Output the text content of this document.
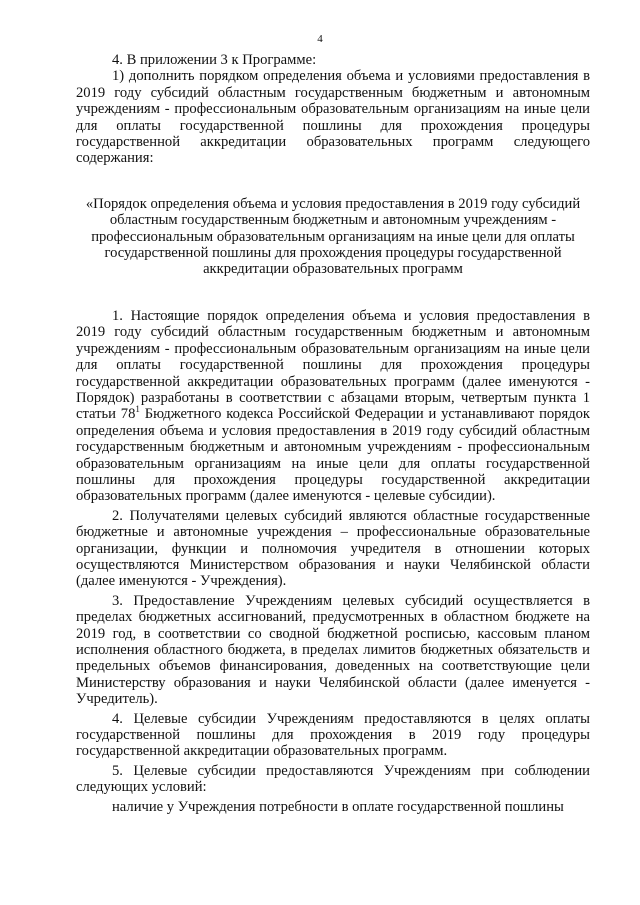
4

4. В приложении 3 к Программе:

1) дополнить порядком определения объема и условиями предоставления в 2019 году субсидий областным государственным бюджетным и автономным учреждениям - профессиональным образовательным организациям на иные цели для оплаты государственной пошлины для прохождения процедуры государственной аккредитации образовательных программ следующего содержания:

«Порядок определения объема и условия предоставления в 2019 году субсидий областным государственным бюджетным и автономным учреждениям - профессиональным образовательным организациям на иные цели для оплаты государственной пошлины для прохождения процедуры государственной аккредитации образовательных программ

1. Настоящие порядок определения объема и условия предоставления в 2019 году субсидий областным государственным бюджетным и автономным учреждениям - профессиональным образовательным организациям на иные цели для оплаты государственной пошлины для прохождения процедуры государственной аккредитации образовательных программ (далее именуются - Порядок) разработаны в соответствии с абзацами вторым, четвертым пункта 1 статьи $78^1$ Бюджетного кодекса Российской Федерации и устанавливают порядок определения объема и условия предоставления в 2019 году субсидий областным государственным бюджетным и автономным учреждениям - профессиональным образовательным организациям на иные цели для оплаты государственной пошлины для прохождения процедуры государственной аккредитации образовательных программ (далее именуются - целевые субсидии).

2. Получателями целевых субсидий являются областные государственные бюджетные и автономные учреждения – профессиональные образовательные организации, функции и полномочия учредителя в отношении которых осуществляются Министерством образования и науки Челябинской области (далее именуются - Учреждения).

3. Предоставление Учреждениям целевых субсидий осуществляется в пределах бюджетных ассигнований, предусмотренных в областном бюджете на 2019 год, в соответствии со сводной бюджетной росписью, кассовым планом исполнения областного бюджета, в пределах лимитов бюджетных обязательств и предельных объемов финансирования, доведенных на соответствующие цели Министерству образования и науки Челябинской области (далее именуется - Учредитель).

4. Целевые субсидии Учреждениям предоставляются в целях оплаты государственной пошлины для прохождения в 2019 году процедуры государственной аккредитации образовательных программ.

5. Целевые субсидии предоставляются Учреждениям при соблюдении следующих условий:

наличие у Учреждения потребности в оплате государственной пошлины
